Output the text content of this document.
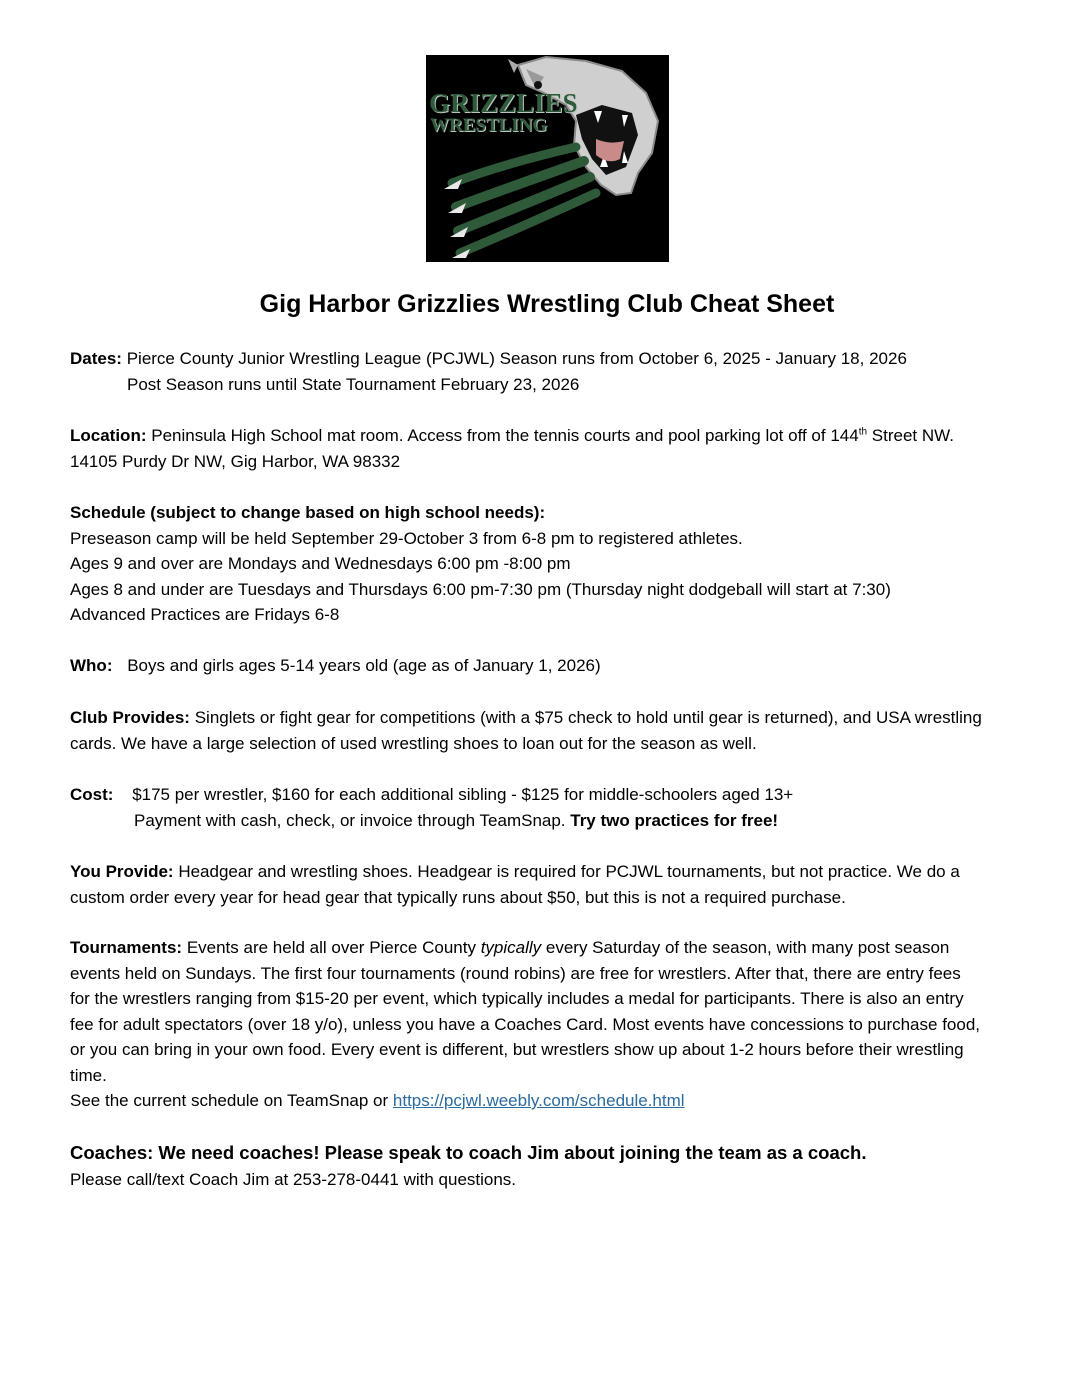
GRIZZLIES
WRESTLING
Gig Harbor Grizzlies Wrestling Club Cheat Sheet
Dates: Pierce County Junior Wrestling League (PCJWL) Season runs from October 6, 2025 - January 18, 2026
Post Season runs until State Tournament February 23, 2026
Location: Peninsula High School mat room. Access from the tennis courts and pool parking lot off of 144th Street NW.
14105 Purdy Dr NW, Gig Harbor, WA 98332
Schedule (subject to change based on high school needs):
Preseason camp will be held September 29-October 3 from 6-8 pm to registered athletes.
Ages 9 and over are Mondays and Wednesdays 6:00 pm -8:00 pm
Ages 8 and under are Tuesdays and Thursdays 6:00 pm-7:30 pm (Thursday night dodgeball will start at 7:30)
Advanced Practices are Fridays 6-8
Who: Boys and girls ages 5-14 years old (age as of January 1, 2026)
Club Provides: Singlets or fight gear for competitions (with a $75 check to hold until gear is returned), and USA wrestling
cards. We have a large selection of used wrestling shoes to loan out for the season as well.
Cost: $175 per wrestler, $160 for each additional sibling - $125 for middle-schoolers aged 13+
Payment with cash, check, or invoice through TeamSnap. Try two practices for free!
You Provide: Headgear and wrestling shoes. Headgear is required for PCJWL tournaments, but not practice. We do a
custom order every year for head gear that typically runs about $50, but this is not a required purchase.
Tournaments: Events are held all over Pierce County typically every Saturday of the season, with many post season
events held on Sundays. The first four tournaments (round robins) are free for wrestlers. After that, there are entry fees
for the wrestlers ranging from $15-20 per event, which typically includes a medal for participants. There is also an entry
fee for adult spectators (over 18 y/o), unless you have a Coaches Card. Most events have concessions to purchase food,
or you can bring in your own food. Every event is different, but wrestlers show up about 1-2 hours before their wrestling
time.
See the current schedule on TeamSnap or https://pcjwl.weebly.com/schedule.html
Coaches: We need coaches! Please speak to coach Jim about joining the team as a coach.
Please call/text Coach Jim at 253-278-0441 with questions.
